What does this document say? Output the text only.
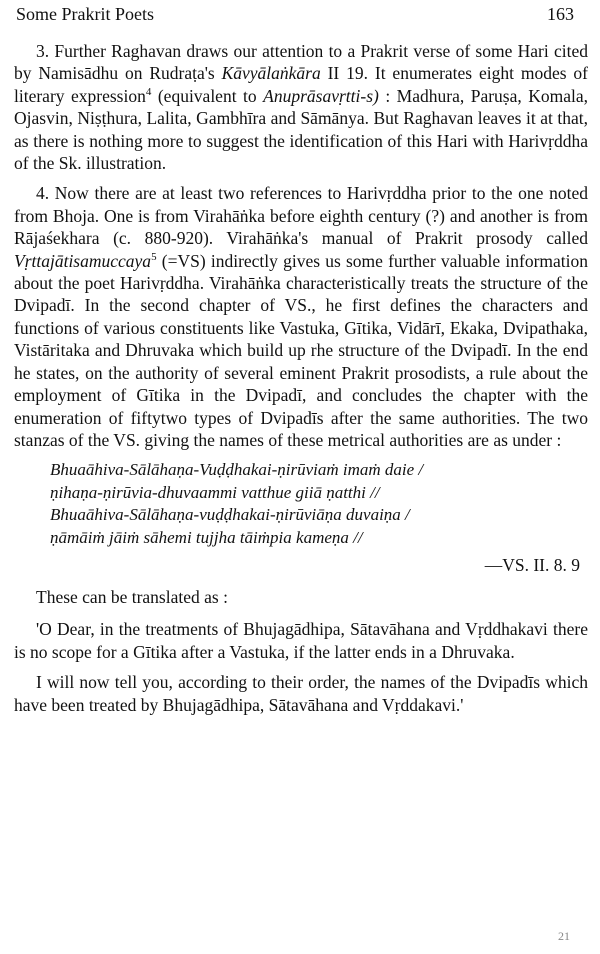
Some Prakrit Poets	163

3. Further Raghavan draws our attention to a Prakrit verse of some Hari cited by Namisādhu on Rudraṭa's Kāvyālaṅkāra II 19. It enumerates eight modes of literary expression$^4$ (equivalent to Anuprāsavṛtti-s) : Madhura, Paruṣa, Komala, Ojasvin, Niṣṭhura, Lalita, Gambhīra and Sāmānya. But Raghavan leaves it at that, as there is nothing more to suggest the identification of this Hari with Harivṛddha of the Sk. illustration.

4. Now there are at least two references to Harivṛddha prior to the one noted from Bhoja. One is from Virahāṅka before eighth century (?) and another is from Rājaśekhara (c. 880-920). Virahāṅka's manual of Prakrit prosody called Vṛttajātisamuccaya$^5$ (=VS) indirectly gives us some further valuable information about the poet Harivṛddha. Virahāṅka characteristically treats the structure of the Dvipadī. In the second chapter of VS., he first defines the characters and functions of various constituents like Vastuka, Gītika, Vidārī, Ekaka, Dvipathaka, Vistāritaka and Dhruvaka which build up rhe structure of the Dvipadī. In the end he states, on the authority of several eminent Prakrit prosodists, a rule about the employment of Gītika in the Dvipadī, and concludes the chapter with the enumeration of fiftytwo types of Dvipadīs after the same authorities. The two stanzas of the VS. giving the names of these metrical authorities are as under :

Bhuaāhiva-Sālāhaṇa-Vuḍḍhakai-ṇirūviaṁ imaṁ daie /
ṇihaṇa-ṇirūvia-dhuvaammi vatthue giiā ṇatthi //
Bhuaāhiva-Sālāhaṇa-vuḍḍhakai-ṇirūviāṇa duvaiṇa /
ṇāmāiṁ jāiṁ sāhemi tujjha tāiṁpia kameṇa //
—VS. II. 8. 9
These can be translated as :

'O Dear, in the treatments of Bhujagādhipa, Sātavāhana and Vṛddhakavi there is no scope for a Gītika after a Vastuka, if the latter ends in a Dhruvaka.

I will now tell you, according to their order, the names of the Dvipadīs which have been treated by Bhujagādhipa, Sātavāhana and Vṛddakavi.'

21
